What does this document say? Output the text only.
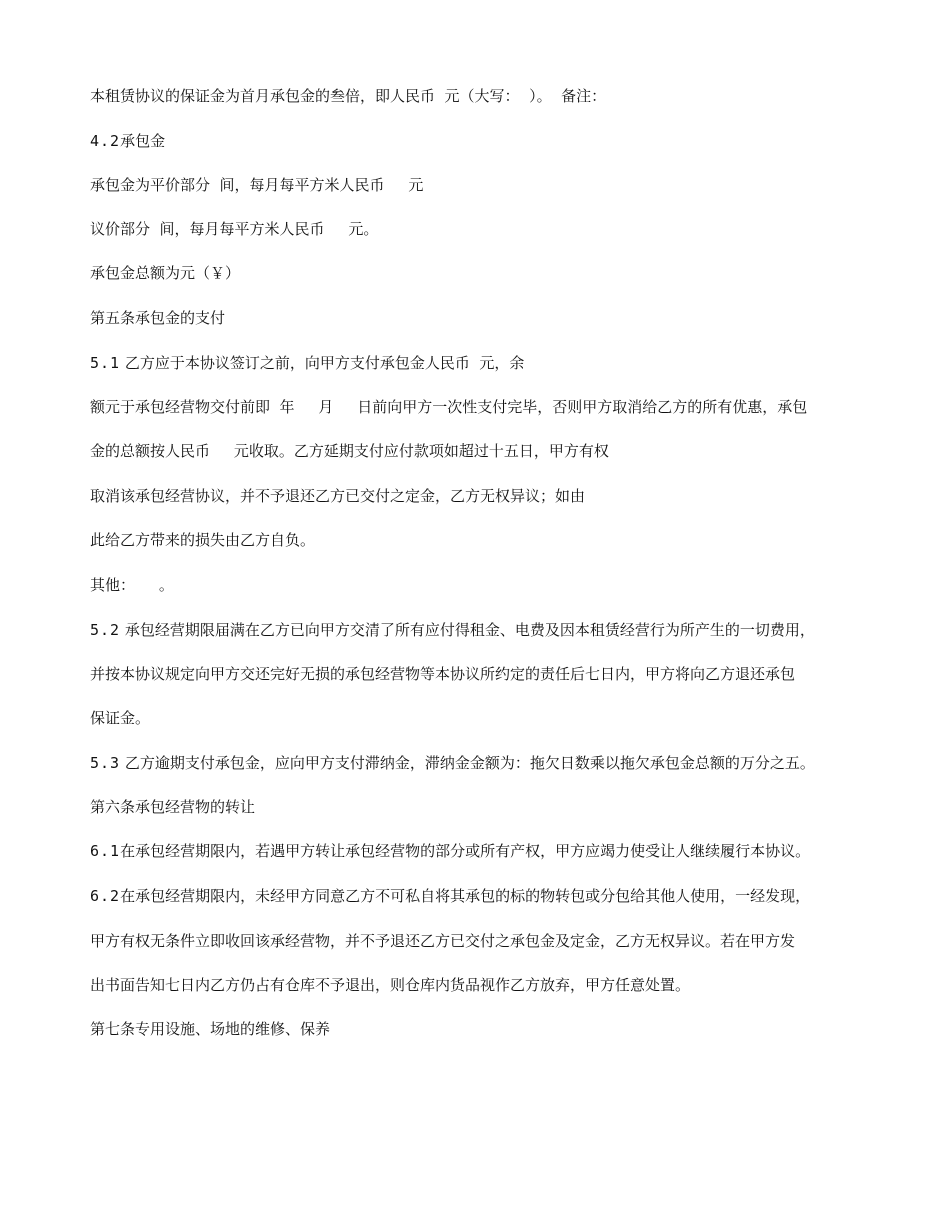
本租赁协议的保证金为首月承包金的叁倍，即人民币  元（大写：  ）。  备注：
4.2承包金
承包金为平价部分  间，每月每平方米人民币     元
议价部分  间，每月每平方米人民币     元。
承包金总额为元（￥）
第五条承包金的支付
5.1 乙方应于本协议签订之前，向甲方支付承包金人民币  元，余
额元于承包经营物交付前即  年     月     日前向甲方一次性支付完毕，否则甲方取消给乙方的所有优惠，承包
金的总额按人民币     元收取。乙方延期支付应付款项如超过十五日，甲方有权
取消该承包经营协议，并不予退还乙方已交付之定金，乙方无权异议；如由
此给乙方带来的损失由乙方自负。
其他：     。
5.2 承包经营期限届满在乙方已向甲方交清了所有应付得租金、电费及因本租赁经营行为所产生的一切费用，
并按本协议规定向甲方交还完好无损的承包经营物等本协议所约定的责任后七日内，甲方将向乙方退还承包
保证金。
5.3 乙方逾期支付承包金，应向甲方支付滞纳金，滞纳金金额为：拖欠日数乘以拖欠承包金总额的万分之五。
第六条承包经营物的转让
6.1在承包经营期限内，若遇甲方转让承包经营物的部分或所有产权，甲方应竭力使受让人继续履行本协议。
6.2在承包经营期限内，未经甲方同意乙方不可私自将其承包的标的物转包或分包给其他人使用，一经发现，
甲方有权无条件立即收回该承经营物，并不予退还乙方已交付之承包金及定金，乙方无权异议。若在甲方发
出书面告知七日内乙方仍占有仓库不予退出，则仓库内货品视作乙方放弃，甲方任意处置。
第七条专用设施、场地的维修、保养
